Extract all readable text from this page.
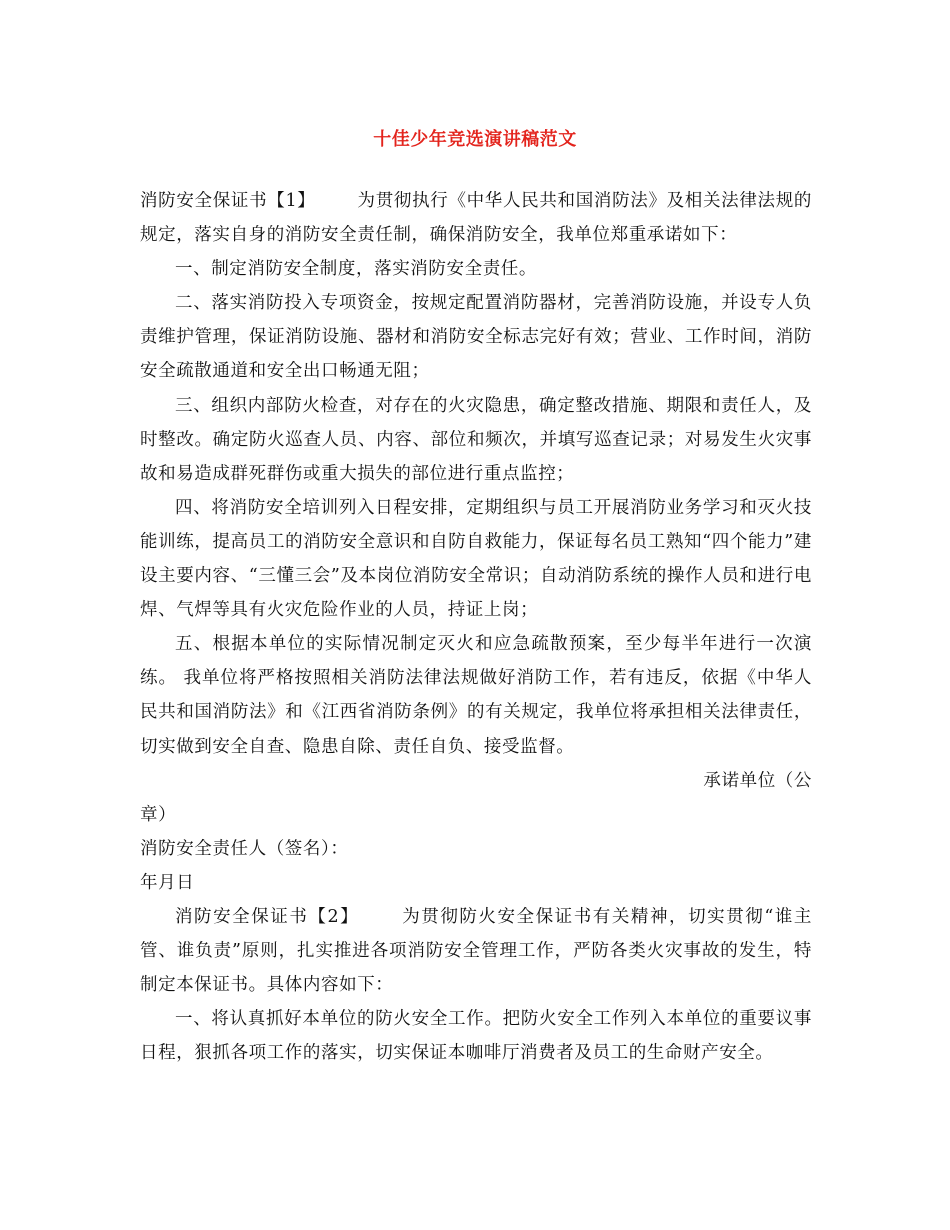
十佳少年竞选演讲稿范文

消防安全保证书【1】 为贯彻执行《中华人民共和国消防法》及相关法律法规的规定，落实自身的消防安全责任制，确保消防安全，我单位郑重承诺如下：

一、制定消防安全制度，落实消防安全责任。

二、落实消防投入专项资金，按规定配置消防器材，完善消防设施，并设专人负责维护管理，保证消防设施、器材和消防安全标志完好有效；营业、工作时间，消防安全疏散通道和安全出口畅通无阻；

三、组织内部防火检查，对存在的火灾隐患，确定整改措施、期限和责任人，及时整改。确定防火巡查人员、内容、部位和频次，并填写巡查记录；对易发生火灾事故和易造成群死群伤或重大损失的部位进行重点监控；

四、将消防安全培训列入日程安排，定期组织与员工开展消防业务学习和灭火技能训练，提高员工的消防安全意识和自防自救能力，保证每名员工熟知“四个能力”建设主要内容、“三懂三会”及本岗位消防安全常识；自动消防系统的操作人员和进行电焊、气焊等具有火灾危险作业的人员，持证上岗；

五、根据本单位的实际情况制定灭火和应急疏散预案，至少每半年进行一次演练。 我单位将严格按照相关消防法律法规做好消防工作，若有违反，依据《中华人民共和国消防法》和《江西省消防条例》的有关规定，我单位将承担相关法律责任，切实做到安全自查、隐患自除、责任自负、接受监督。

承诺单位（公

章）

消防安全责任人（签名）：

年月日

消防安全保证书【2】 为贯彻防火安全保证书有关精神，切实贯彻“谁主管、谁负责”原则，扎实推进各项消防安全管理工作，严防各类火灾事故的发生，特制定本保证书。具体内容如下：

一、将认真抓好本单位的防火安全工作。把防火安全工作列入本单位的重要议事日程，狠抓各项工作的落实，切实保证本咖啡厅消费者及员工的生命财产安全。
